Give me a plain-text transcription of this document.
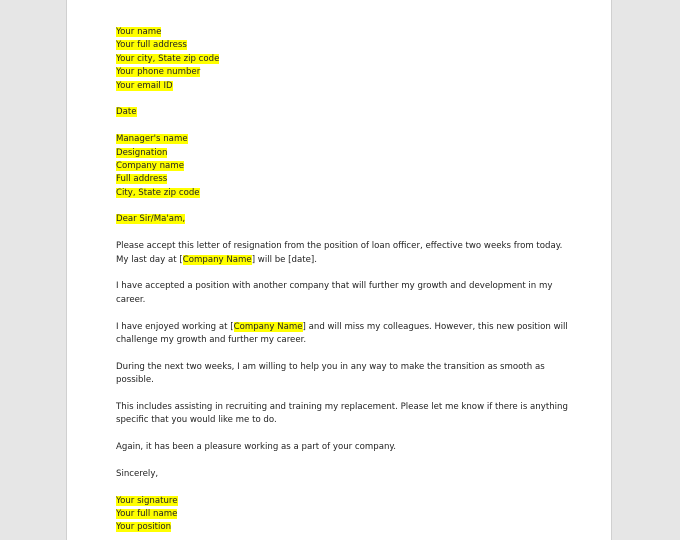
Your name
Your full address
Your city, State zip code
Your phone number
Your email ID
Date
Manager's name
Designation
Company name
Full address
City, State zip code
Dear Sir/Ma'am,
Please accept this letter of resignation from the position of loan officer, effective two weeks from today.
My last day at [Company Name] will be [date].
I have accepted a position with another company that will further my growth and development in my
career.
I have enjoyed working at [Company Name] and will miss my colleagues. However, this new position will
challenge my growth and further my career.
During the next two weeks, I am willing to help you in any way to make the transition as smooth as
possible.
This includes assisting in recruiting and training my replacement. Please let me know if there is anything
specific that you would like me to do.
Again, it has been a pleasure working as a part of your company.
Sincerely,
Your signature
Your full name
Your position
